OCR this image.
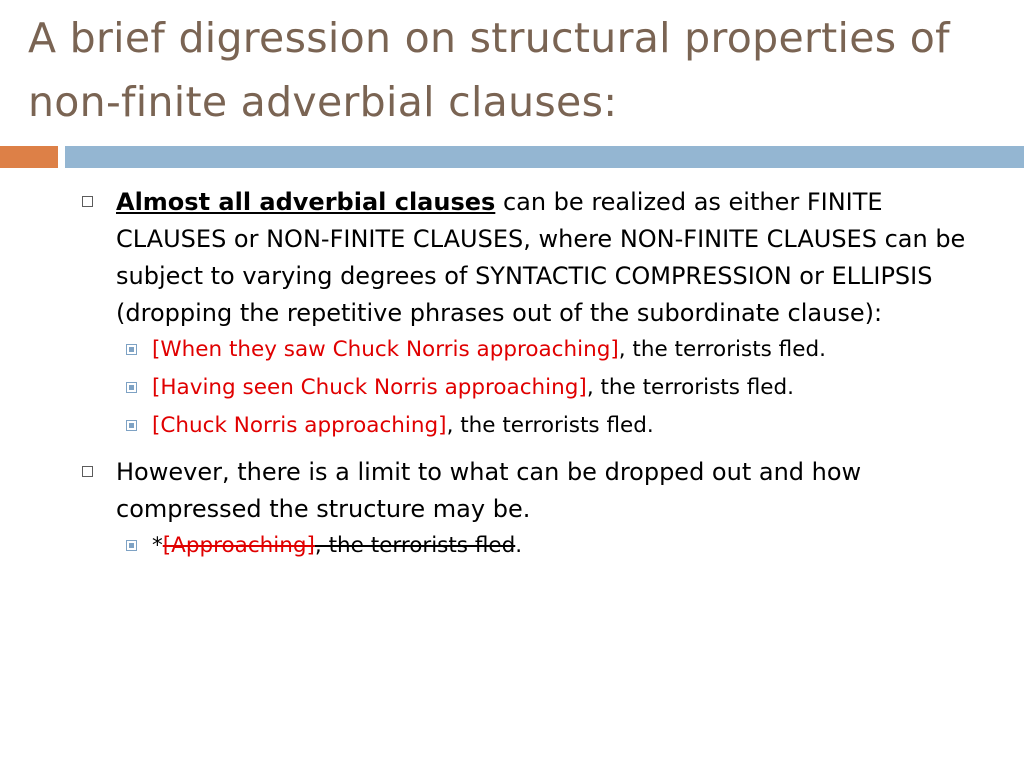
A brief digression on structural properties of non-finite adverbial clauses:
Almost all adverbial clauses can be realized as either FINITE CLAUSES or NON-FINITE CLAUSES, where NON-FINITE CLAUSES can be subject to varying degrees of SYNTACTIC COMPRESSION or ELLIPSIS (dropping the repetitive phrases out of the subordinate clause):
[When they saw Chuck Norris approaching], the terrorists fled.
[Having seen Chuck Norris approaching], the terrorists fled.
[Chuck Norris approaching], the terrorists fled.
However, there is a limit to what can be dropped out and how compressed the structure may be.
*[Approaching], the terrorists fled.
